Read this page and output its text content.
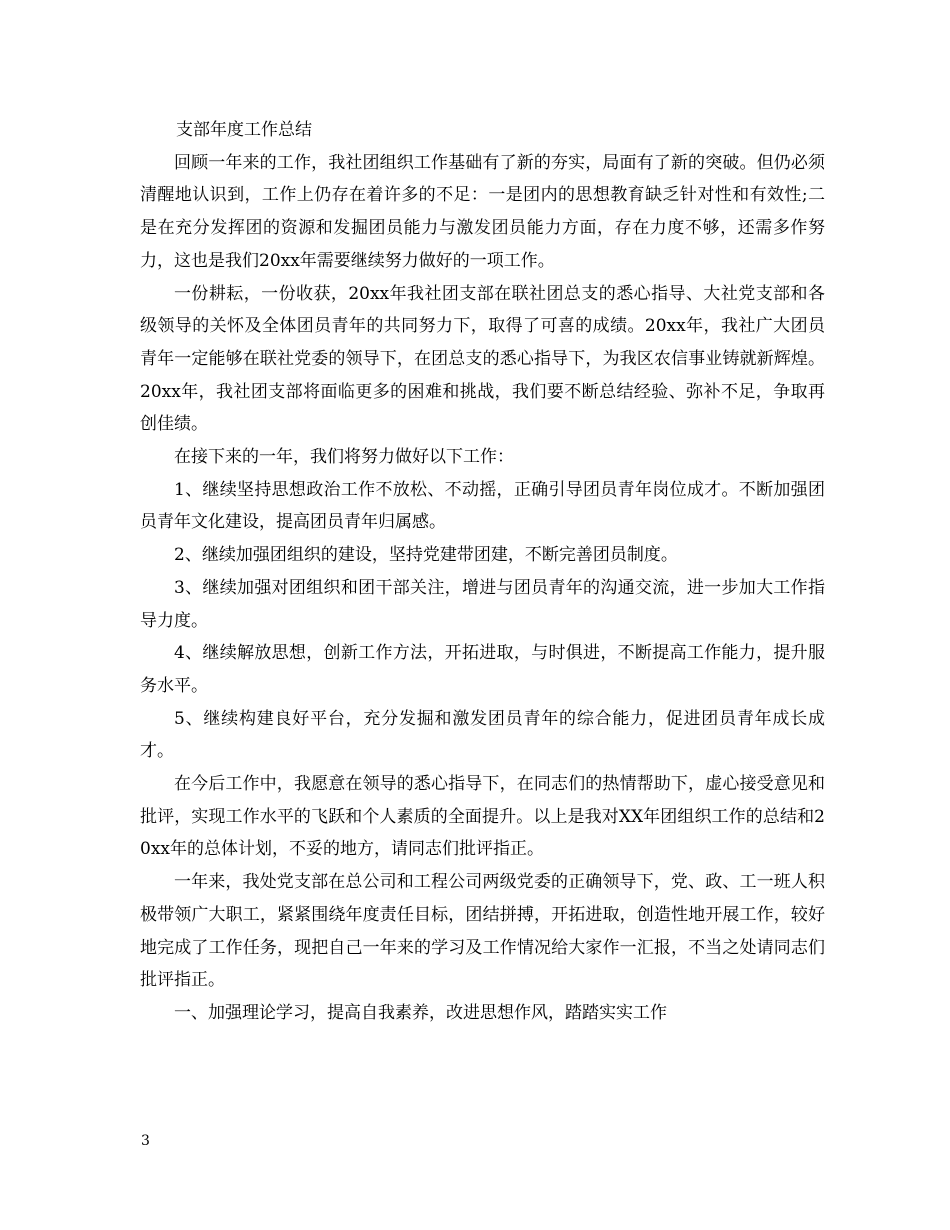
支部年度工作总结

回顾一年来的工作，我社团组织工作基础有了新的夯实，局面有了新的突破。但仍必须清醒地认识到，工作上仍存在着许多的不足：一是团内的思想教育缺乏针对性和有效性;二是在充分发挥团的资源和发掘团员能力与激发团员能力方面，存在力度不够，还需多作努力，这也是我们20xx年需要继续努力做好的一项工作。

一份耕耘，一份收获，20xx年我社团支部在联社团总支的悉心指导、大社党支部和各级领导的关怀及全体团员青年的共同努力下，取得了可喜的成绩。20xx年，我社广大团员青年一定能够在联社党委的领导下，在团总支的悉心指导下，为我区农信事业铸就新辉煌。20xx年，我社团支部将面临更多的困难和挑战，我们要不断总结经验、弥补不足，争取再创佳绩。

在接下来的一年，我们将努力做好以下工作：

1、继续坚持思想政治工作不放松、不动摇，正确引导团员青年岗位成才。不断加强团员青年文化建设，提高团员青年归属感。

2、继续加强团组织的建设，坚持党建带团建，不断完善团员制度。

3、继续加强对团组织和团干部关注，增进与团员青年的沟通交流，进一步加大工作指导力度。

4、继续解放思想，创新工作方法，开拓进取，与时俱进，不断提高工作能力，提升服务水平。

5、继续构建良好平台，充分发掘和激发团员青年的综合能力，促进团员青年成长成才。

在今后工作中，我愿意在领导的悉心指导下，在同志们的热情帮助下，虚心接受意见和批评，实现工作水平的飞跃和个人素质的全面提升。以上是我对XX年团组织工作的总结和20xx年的总体计划，不妥的地方，请同志们批评指正。

一年来，我处党支部在总公司和工程公司两级党委的正确领导下，党、政、工一班人积极带领广大职工，紧紧围绕年度责任目标，团结拼搏，开拓进取，创造性地开展工作，较好地完成了工作任务，现把自己一年来的学习及工作情况给大家作一汇报，不当之处请同志们批评指正。

一、加强理论学习，提高自我素养，改进思想作风，踏踏实实工作

3
